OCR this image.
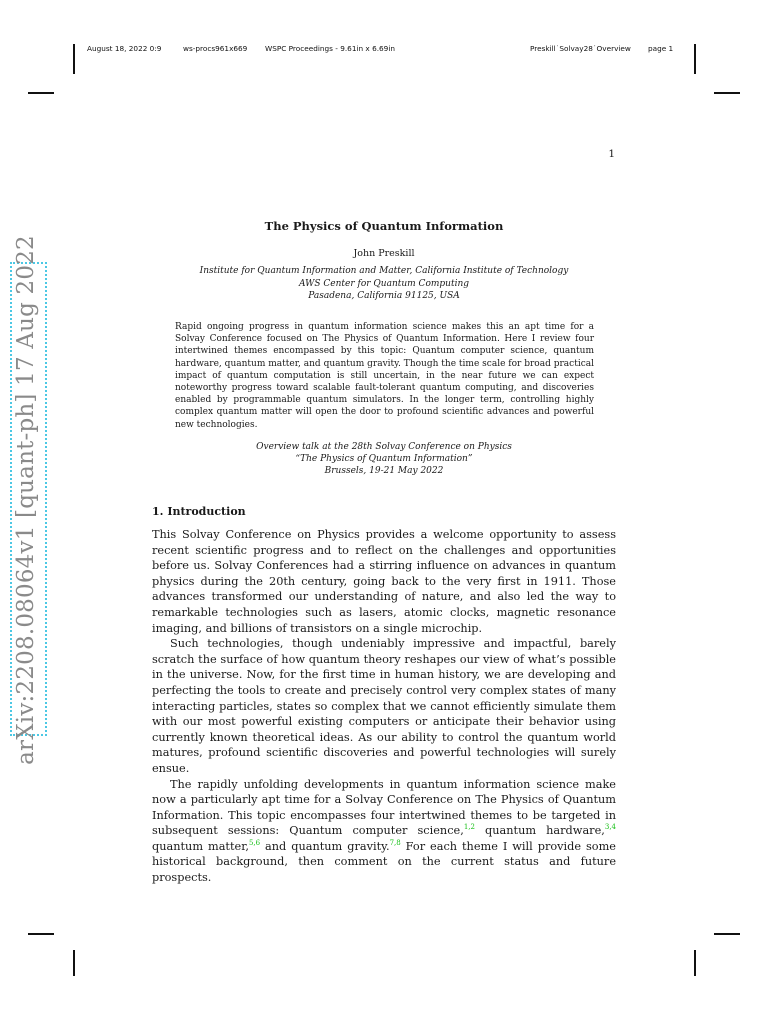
August 18, 2022 0:9	ws-procs961x669 WSPC Proceedings - 9.61in x 6.69in	Preskill˙Solvay28˙Overview page 1
1
arXiv:2208.08064v1 [quant-ph] 17 Aug 2022
The Physics of Quantum Information
John Preskill
Institute for Quantum Information and Matter, California Institute of Technology
AWS Center for Quantum Computing
Pasadena, California 91125, USA
Rapid ongoing progress in quantum information science makes this an apt time for a Solvay Conference focused on The Physics of Quantum Information. Here I review four intertwined themes encompassed by this topic: Quantum computer science, quantum hardware, quantum matter, and quantum gravity. Though the time scale for broad practical impact of quantum computation is still uncertain, in the near future we can expect noteworthy progress toward scalable fault-tolerant quantum computing, and discoveries enabled by programmable quantum simulators. In the longer term, controlling highly complex quantum matter will open the door to profound scientific advances and powerful new technologies.
Overview talk at the 28th Solvay Conference on Physics
“The Physics of Quantum Information”
Brussels, 19-21 May 2022
1. Introduction

This Solvay Conference on Physics provides a welcome opportunity to assess recent scientific progress and to reflect on the challenges and opportunities before us. Solvay Conferences had a stirring influence on advances in quantum physics during the 20th century, going back to the very first in 1911. Those advances transformed our understanding of nature, and also led the way to remarkable technologies such as lasers, atomic clocks, magnetic resonance imaging, and billions of transistors on a single microchip.

Such technologies, though undeniably impressive and impactful, barely scratch the surface of how quantum theory reshapes our view of what’s possible in the universe. Now, for the first time in human history, we are developing and perfecting the tools to create and precisely control very complex states of many interacting particles, states so complex that we cannot efficiently simulate them with our most powerful existing computers or anticipate their behavior using currently known theoretical ideas. As our ability to control the quantum world matures, profound scientific discoveries and powerful technologies will surely ensue.

The rapidly unfolding developments in quantum information science make now a particularly apt time for a Solvay Conference on The Physics of Quantum Information. This topic encompasses four intertwined themes to be targeted in subsequent sessions: Quantum computer science,$^{1,2}$ quantum hardware,$^{3,4}$ quantum matter,$^{5,6}$ and quantum gravity.$^{7,8}$ For each theme I will provide some historical background, then comment on the current status and future prospects.
